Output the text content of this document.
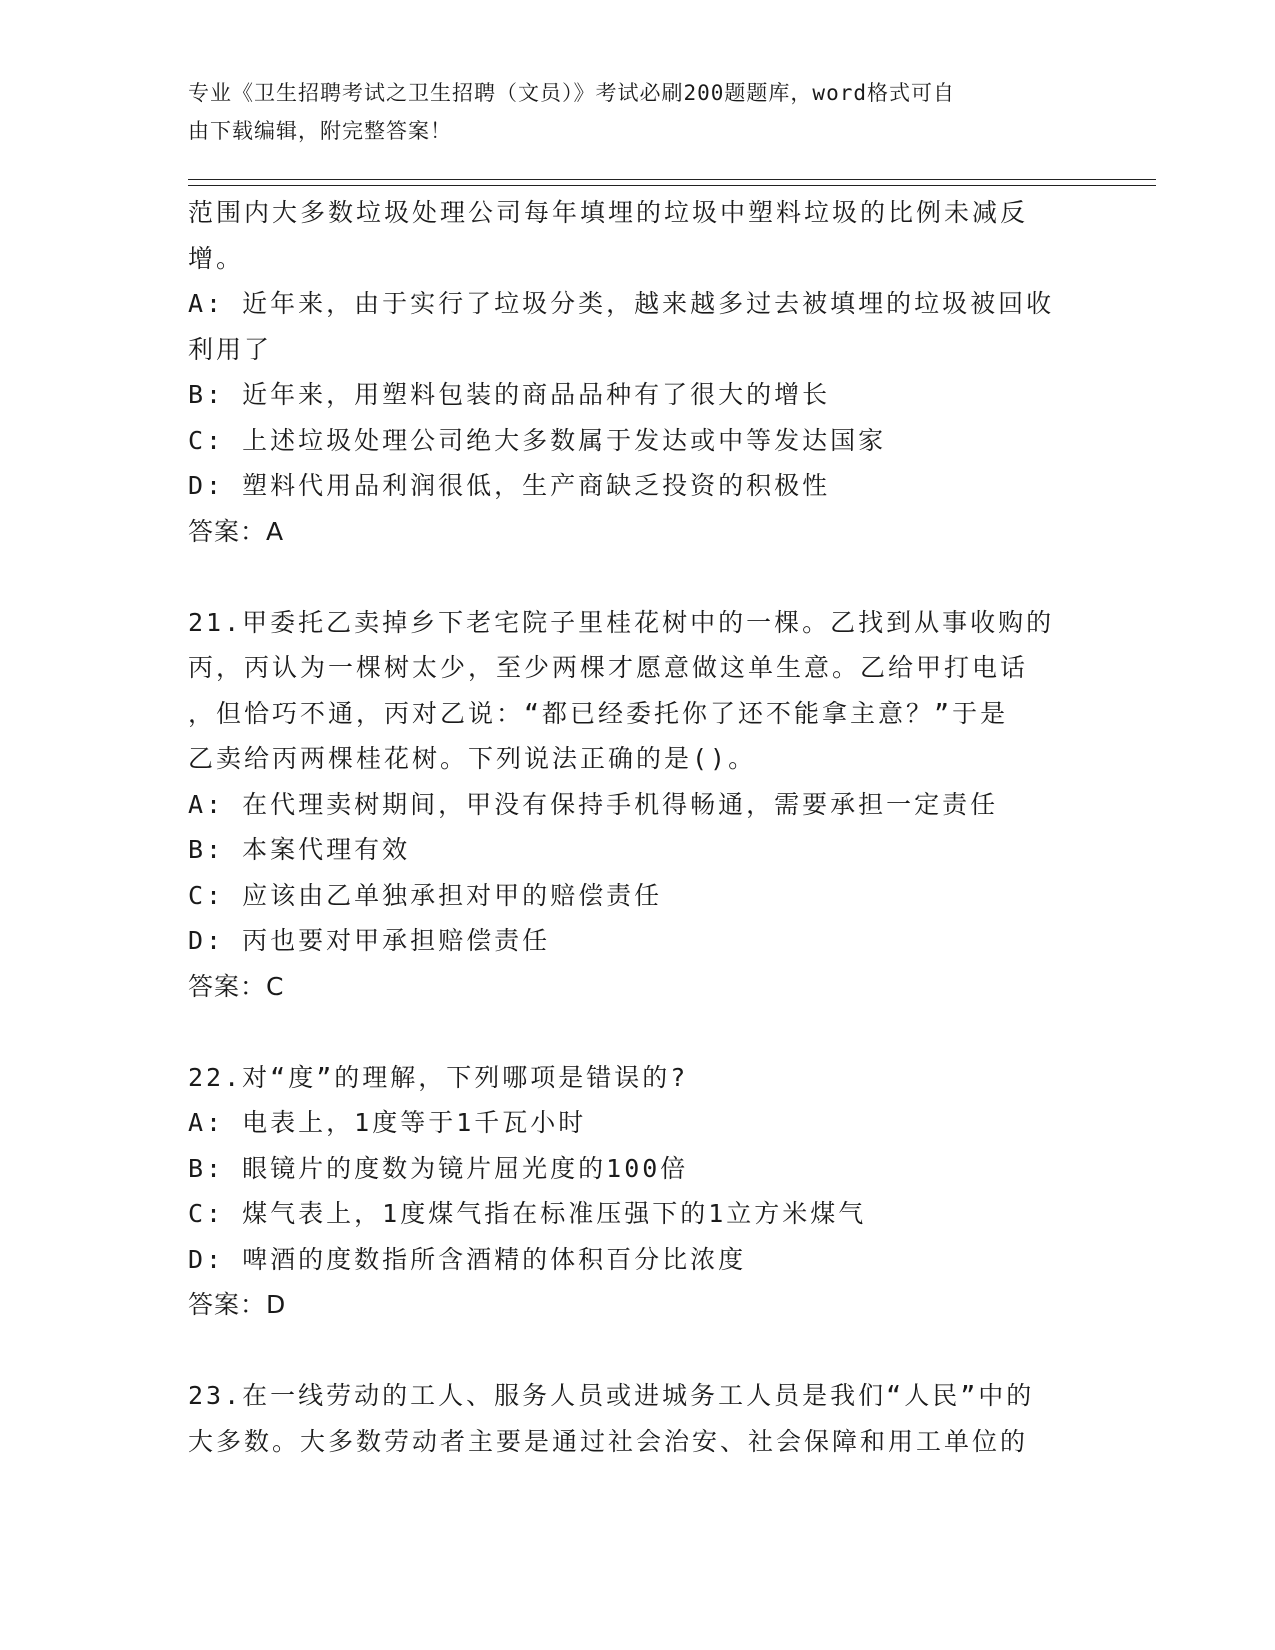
专业《卫生招聘考试之卫生招聘（文员）》考试必刷200题题库，word格式可自
由下载编辑，附完整答案！

范围内大多数垃圾处理公司每年填埋的垃圾中塑料垃圾的比例未减反

增。

A: 近年来，由于实行了垃圾分类，越来越多过去被填埋的垃圾被回收

利用了

B: 近年来，用塑料包装的商品品种有了很大的增长

C: 上述垃圾处理公司绝大多数属于发达或中等发达国家

D: 塑料代用品利润很低，生产商缺乏投资的积极性

答案：A

21.甲委托乙卖掉乡下老宅院子里桂花树中的一棵。乙找到从事收购的

丙，丙认为一棵树太少，至少两棵才愿意做这单生意。乙给甲打电话

，但恰巧不通，丙对乙说：“都已经委托你了还不能拿主意？”于是

乙卖给丙两棵桂花树。下列说法正确的是()。

A: 在代理卖树期间，甲没有保持手机得畅通，需要承担一定责任

B: 本案代理有效

C: 应该由乙单独承担对甲的赔偿责任

D: 丙也要对甲承担赔偿责任

答案：C

22.对“度”的理解，下列哪项是错误的?

A: 电表上，1度等于1千瓦小时

B: 眼镜片的度数为镜片屈光度的100倍

C: 煤气表上，1度煤气指在标准压强下的1立方米煤气

D: 啤酒的度数指所含酒精的体积百分比浓度

答案：D

23.在一线劳动的工人、服务人员或进城务工人员是我们“人民”中的

大多数。大多数劳动者主要是通过社会治安、社会保障和用工单位的
